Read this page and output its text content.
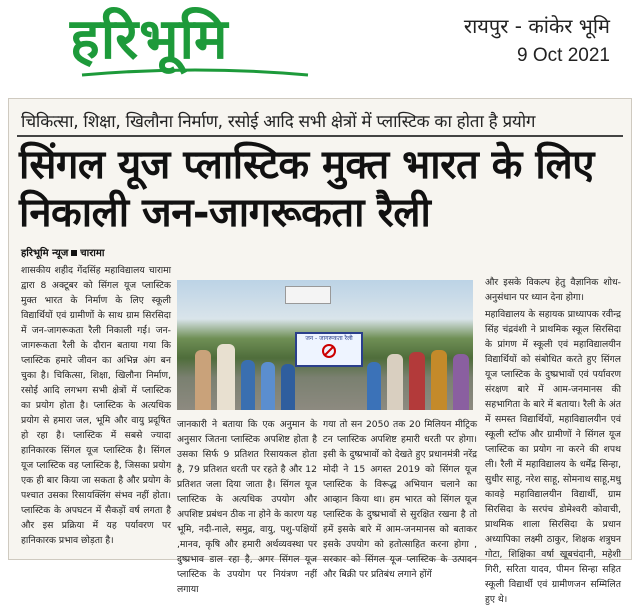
हरिभूमि	रायपुर - कांकेर भूमि
9 Oct 2021
चिकित्सा, शिक्षा, खिलौना निर्माण, रसोई आदि सभी क्षेत्रों में प्लास्टिक का होता है प्रयोग
सिंगल यूज प्लास्टिक मुक्त भारत के लिए निकाली जन-जागरूकता रैली
हरिभूमि न्यूज चारामा

शासकीय शहीद गेंदसिंह महाविद्यालय चारामा द्वारा 8 अक्टूबर को सिंगल यूज प्लास्टिक मुक्त भारत के निर्माण के लिए स्कूली विद्यार्थियों एवं ग्रामीणों के साथ ग्राम सिरसिदा में जन-जागरूकता रैली निकाली गई। जन-जागरूकता रैली के दौरान बताया गया कि प्लास्टिक हमारे जीवन का अभिन्न अंग बन चुका है। चिकित्सा, शिक्षा, खिलौना निर्माण, रसोई आदि लगभग सभी क्षेत्रों में प्लास्टिक का प्रयोग होता है। प्लास्टिक के अत्यधिक प्रयोग से हमारा जल, भूमि और वायु प्रदूषित हो रहा है। प्लास्टिक में सबसे ज्यादा हानिकारक सिंगल यूज प्लास्टिक है। सिंगल यूज प्लास्टिक वह प्लास्टिक है, जिसका प्रयोग एक ही बार किया जा सकता है और प्रयोग के पश्चात उसका रिसायक्लिंग संभव नहीं होता। प्लास्टिक के अपघटन में सैकड़ों वर्ष लगता है और इस प्रक्रिया में यह पर्यावरण पर हानिकारक प्रभाव छोड़ता है।

जन - जागरूकता रैली

जानकारी ने बताया कि एक अनुमान के अनुसार जितना प्लास्टिक अपशिष्ट होता है उसका सिर्फ 9 प्रतिशत रिसायकल होता है, 79 प्रतिशत धरती पर रहते है और 12 प्रतिशत जला दिया जाता है। सिंगल यूज प्लास्टिक के अत्यधिक उपयोग और अपशिष्ट प्रबंधन ठीक ना होने के कारण यह भूमि, नदी-नाले, समुद्र, वायु, पशु-पक्षियों ,मानव, कृषि और हमारी अर्थव्यवस्था पर दुष्प्रभाव डाल रहा है, अगर सिंगल यूज प्लास्टिक के उपयोग पर नियंत्रण नहीं लगाया

गया तो सन 2050 तक 20 मिलियन मीट्रिक टन प्लास्टिक अपशिष्ट हमारी धरती पर होगा। इसी के दुष्प्रभावों को देखते हुए प्रधानमंत्री नरेंद्र मोदी ने 15 अगस्त 2019 को सिंगल यूज प्लास्टिक के विरूद्ध अभियान चलाने का आव्हान किया था। हम भारत को सिंगल यूज प्लास्टिक के दुष्प्रभावों से सुरक्षित रखना है तो हमें इसके बारे में आम-जनमानस को बताकर इसके उपयोग को हतोत्साहित करना होगा , सरकार को सिंगल यूज प्लास्टिक के उत्पादन और बिक्री पर प्रतिबंध लगाने होंगें

और इसके विकल्प हेतु वैज्ञानिक शोध-अनुसंधान पर ध्यान देना होगा।

महाविद्यालय के सहायक प्राध्यापक रवीन्द्र सिंह चंद्रवंशी ने प्राथमिक स्कूल सिरसिदा के प्रांगण में स्कूली एवं महाविद्यालयीन विद्यार्थियों को संबोधित करते हुए सिंगल यूज प्लास्टिक के दुष्प्रभावों एवं पर्यावरण संरक्षण बारे में आम-जनमानस की सहभागिता के बारे में बताया। रैली के अंत में समस्त विद्यार्थियों, महाविद्यालयीन एवं स्कूली स्टॉफ और ग्रामीणों ने सिंगल यूज प्लास्टिक का प्रयोग ना करने की शपथ ली। रैली में महाविद्यालय के धर्मेंद्र सिन्हा, सुधीर साहू, नरेश साहू, सोमनाथ साहू,मधु कावड़े महाविद्यालयीन विद्यार्थी, ग्राम सिरसिदा के सरपंच डोमेश्वरी कोवाची, प्राथमिक शाला सिरसिदा के प्रधान अध्यापिका लक्ष्मी ठाकुर, शिक्षक शत्रुघन गोटा, शिक्षिका वर्षा खूबचंदानी, महेशी गिरी, सरिता यादव, पीमन सिन्हा सहित स्कूली विद्यार्थी एवं ग्रामीणजन सम्मिलित हुए थे।
